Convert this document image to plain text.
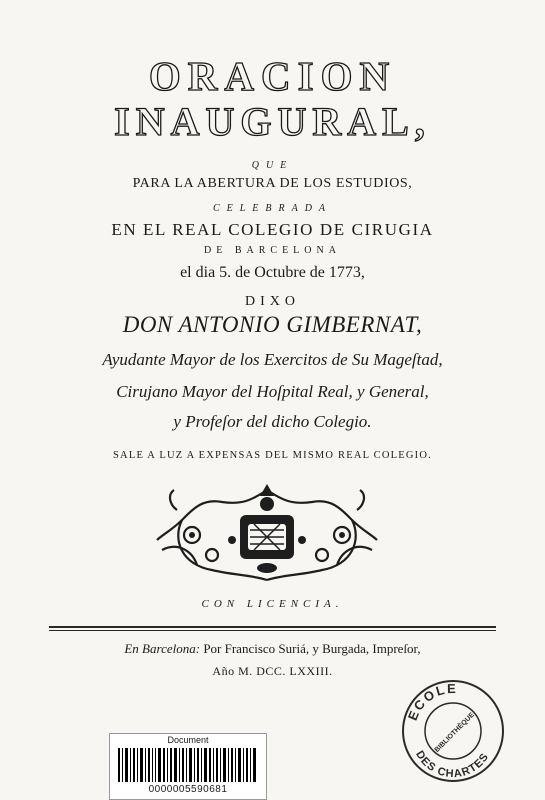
ORACION
INAUGURAL,
QUE
PARA LA ABERTURA DE LOS ESTUDIOS,
CELEBRADA
EN EL REAL COLEGIO DE CIRUGIA
DE BARCELONA
el dia 5. de Octubre de 1773,
DIXO
DON ANTONIO GIMBERNAT,
Ayudante Mayor de los Exercitos de Su Mageſtad,
Cirujano Mayor del Hoſpital Real, y General,
y Profeſor del dicho Colegio.
SALE A LUZ A EXPENSAS DEL MISMO REAL COLEGIO.
CON LICENCIA.
En Barcelona: Por Francisco Suriá, y Burgada, Impreſor,
Año M. DCC. LXXIII.
Document
0000005590681
ECOLE
DES CHARTES
BIBLIOTHÈQUE
